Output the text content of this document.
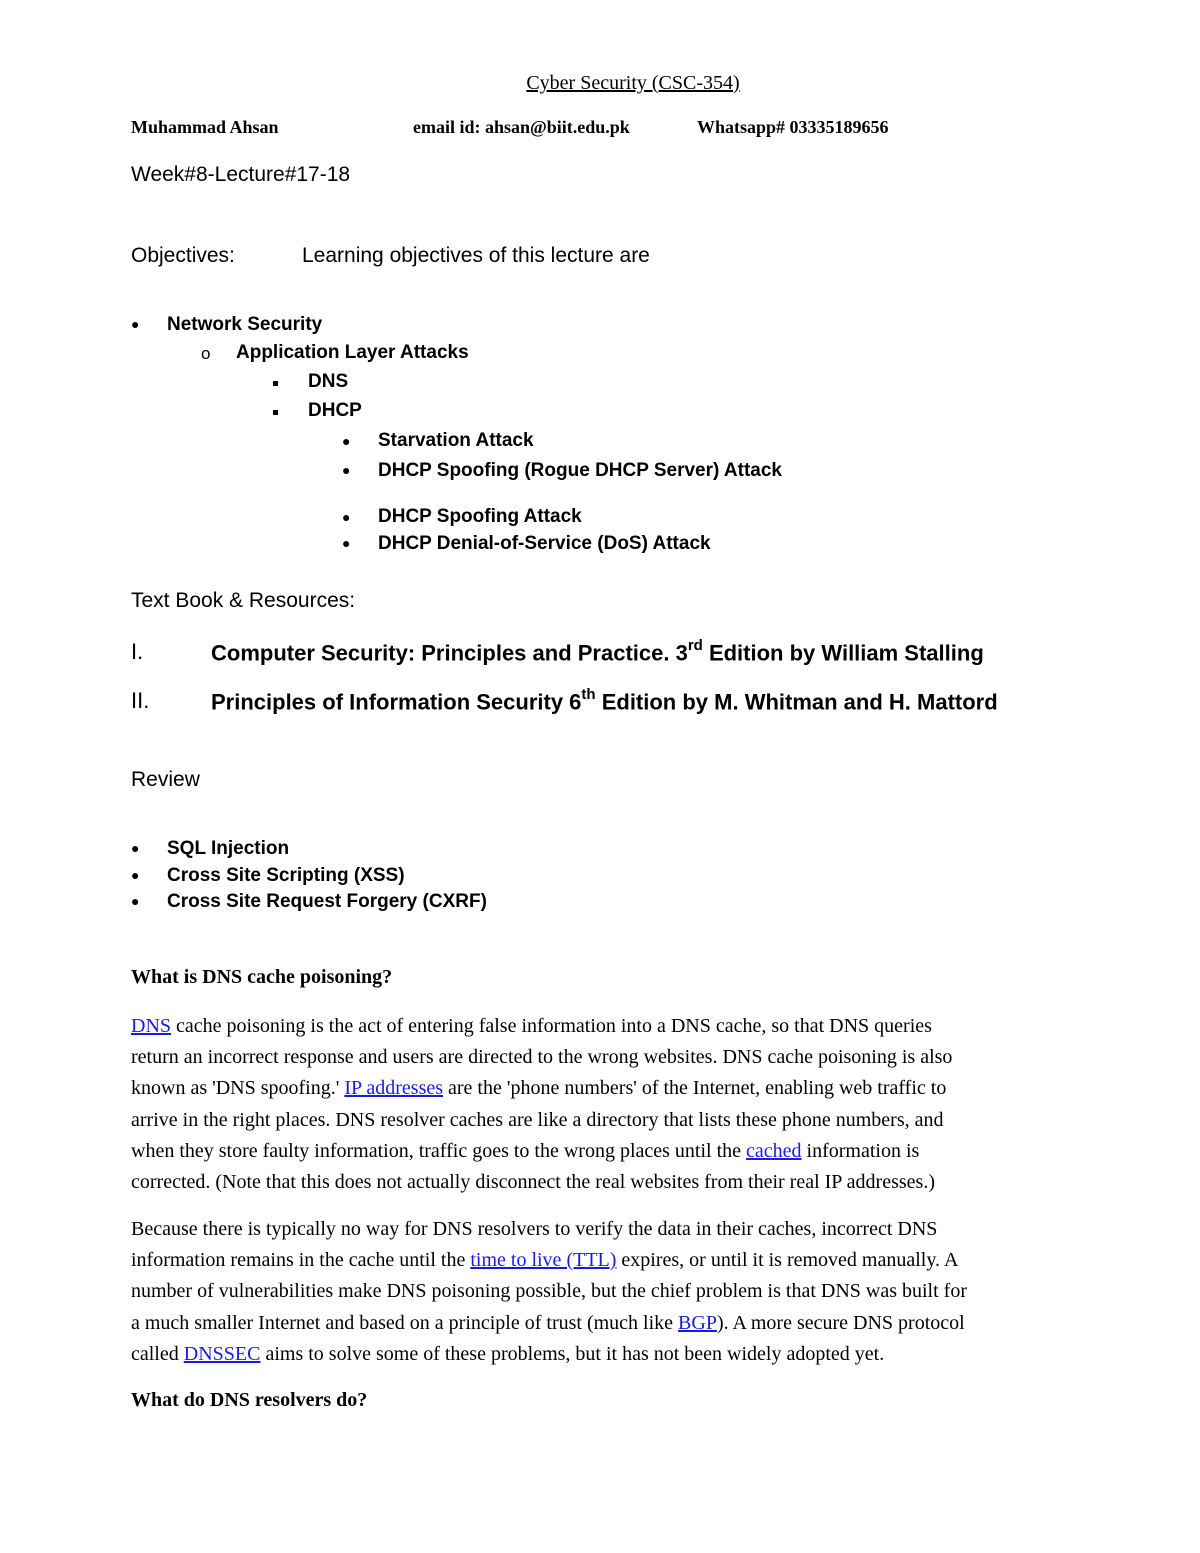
Cyber Security (CSC-354)
Muhammad Ahsan	email id: ahsan@biit.edu.pk	Whatsapp# 03335189656
Week#8-Lecture#17-18
Objectives:	Learning objectives of this lecture are
● Network Security
o Application Layer Attacks
DNS
DHCP
● Starvation Attack
● DHCP Spoofing (Rogue DHCP Server) Attack
● DHCP Spoofing Attack
● DHCP Denial-of-Service (DoS) Attack
Text Book & Resources:
I.	Computer Security: Principles and Practice. 3rd Edition by William Stalling
II.	Principles of Information Security 6th Edition by M. Whitman and H. Mattord
Review
● SQL Injection
● Cross Site Scripting (XSS)
● Cross Site Request Forgery (CXRF)
What is DNS cache poisoning?

DNS cache poisoning is the act of entering false information into a DNS cache, so that DNS queries

return an incorrect response and users are directed to the wrong websites. DNS cache poisoning is also

known as 'DNS spoofing.' IP addresses are the 'phone numbers' of the Internet, enabling web traffic to

arrive in the right places. DNS resolver caches are like a directory that lists these phone numbers, and

when they store faulty information, traffic goes to the wrong places until the cached information is

corrected. (Note that this does not actually disconnect the real websites from their real IP addresses.)

Because there is typically no way for DNS resolvers to verify the data in their caches, incorrect DNS

information remains in the cache until the time to live (TTL) expires, or until it is removed manually. A

number of vulnerabilities make DNS poisoning possible, but the chief problem is that DNS was built for

a much smaller Internet and based on a principle of trust (much like BGP). A more secure DNS protocol

called DNSSEC aims to solve some of these problems, but it has not been widely adopted yet.

What do DNS resolvers do?
